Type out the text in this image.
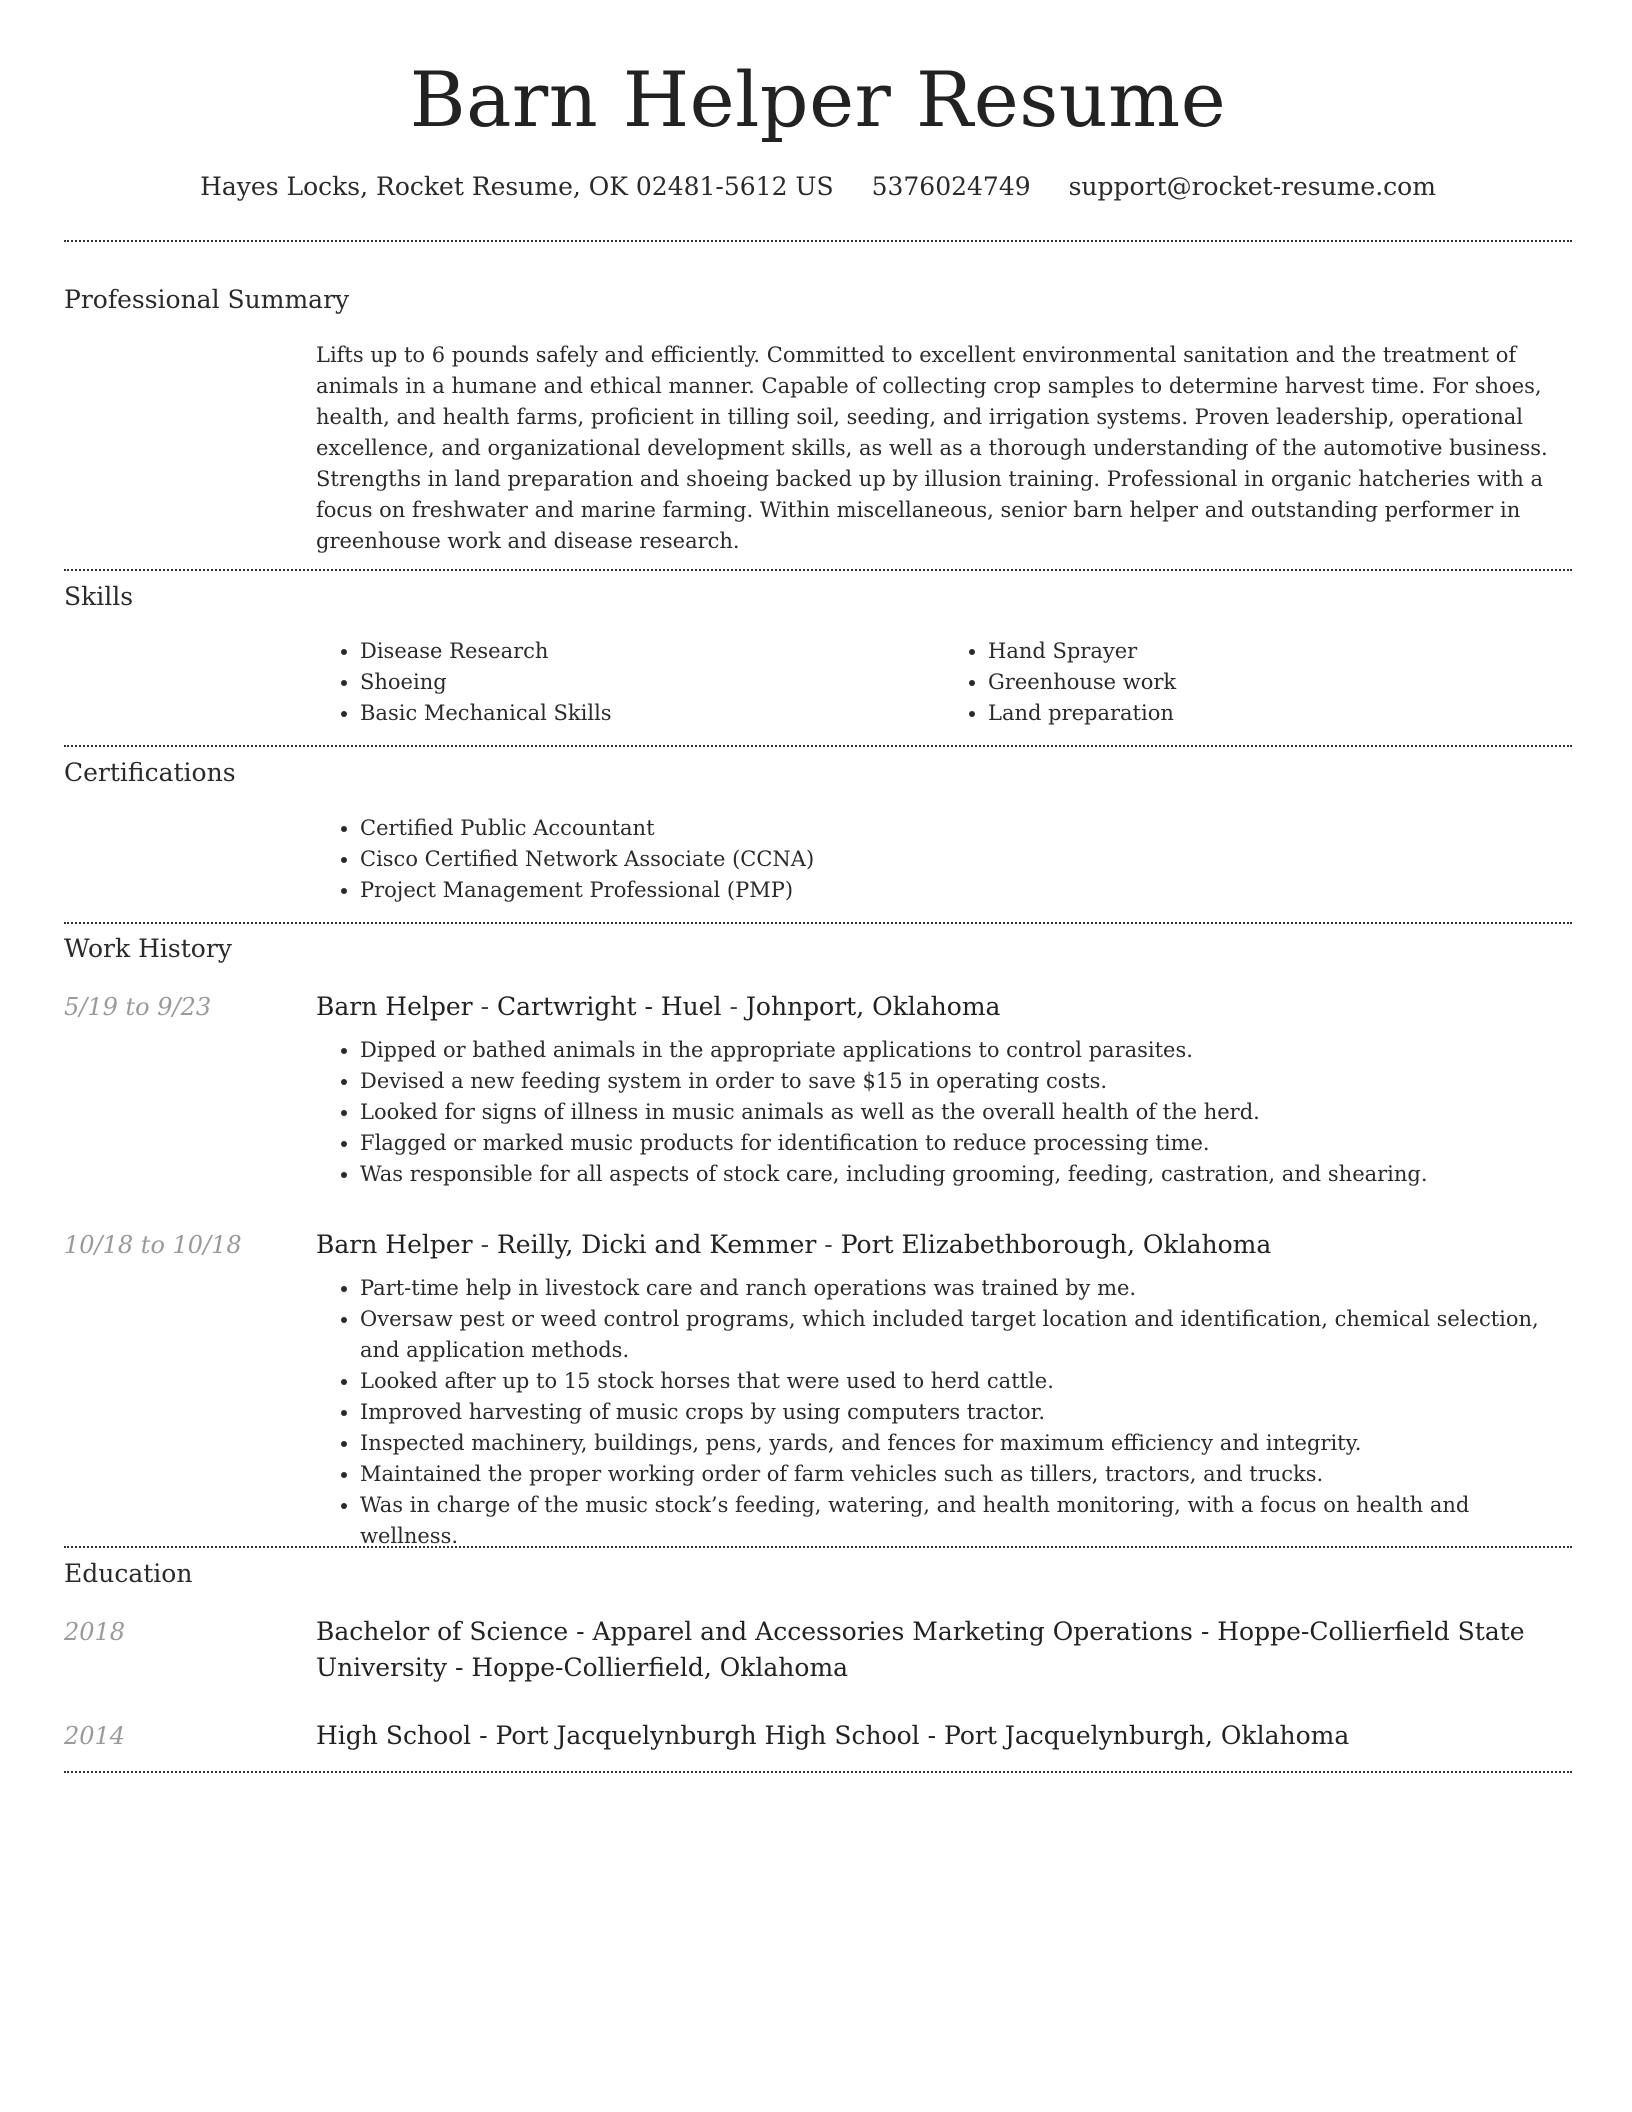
Barn Helper Resume
Hayes Locks, Rocket Resume, OK 02481-5612 US 5376024749 support@rocket-resume.com
Professional Summary

Lifts up to 6 pounds safely and efficiently. Committed to excellent environmental sanitation and the treatment of animals in a humane and ethical manner. Capable of collecting crop samples to determine harvest time. For shoes, health, and health farms, proficient in tilling soil, seeding, and irrigation systems. Proven leadership, operational excellence, and organizational development skills, as well as a thorough understanding of the automotive business. Strengths in land preparation and shoeing backed up by illusion training. Professional in organic hatcheries with a focus on freshwater and marine farming. Within miscellaneous, senior barn helper and outstanding performer in greenhouse work and disease research.

Skills
• Disease Research
• Shoeing
• Basic Mechanical Skills
• Hand Sprayer
• Greenhouse work
• Land preparation
Certifications
• Certified Public Accountant
• Cisco Certified Network Associate (CCNA)
• Project Management Professional (PMP)
Work History
5/19 to 9/23	Barn Helper - Cartwright - Huel - Johnport, Oklahoma
• Dipped or bathed animals in the appropriate applications to control parasites.
• Devised a new feeding system in order to save $15 in operating costs.
• Looked for signs of illness in music animals as well as the overall health of the herd.
• Flagged or marked music products for identification to reduce processing time.
• Was responsible for all aspects of stock care, including grooming, feeding, castration, and shearing.
10/18 to 10/18	Barn Helper - Reilly, Dicki and Kemmer - Port Elizabethborough, Oklahoma
• Part-time help in livestock care and ranch operations was trained by me.
• Oversaw pest or weed control programs, which included target location and identification, chemical selection, and application methods.
• Looked after up to 15 stock horses that were used to herd cattle.
• Improved harvesting of music crops by using computers tractor.
• Inspected machinery, buildings, pens, yards, and fences for maximum efficiency and integrity.
• Maintained the proper working order of farm vehicles such as tillers, tractors, and trucks.
• Was in charge of the music stock’s feeding, watering, and health monitoring, with a focus on health and wellness.
Education
2018	Bachelor of Science - Apparel and Accessories Marketing Operations - Hoppe-Collierfield State University - Hoppe-Collierfield, Oklahoma
2014	High School - Port Jacquelynburgh High School - Port Jacquelynburgh, Oklahoma
